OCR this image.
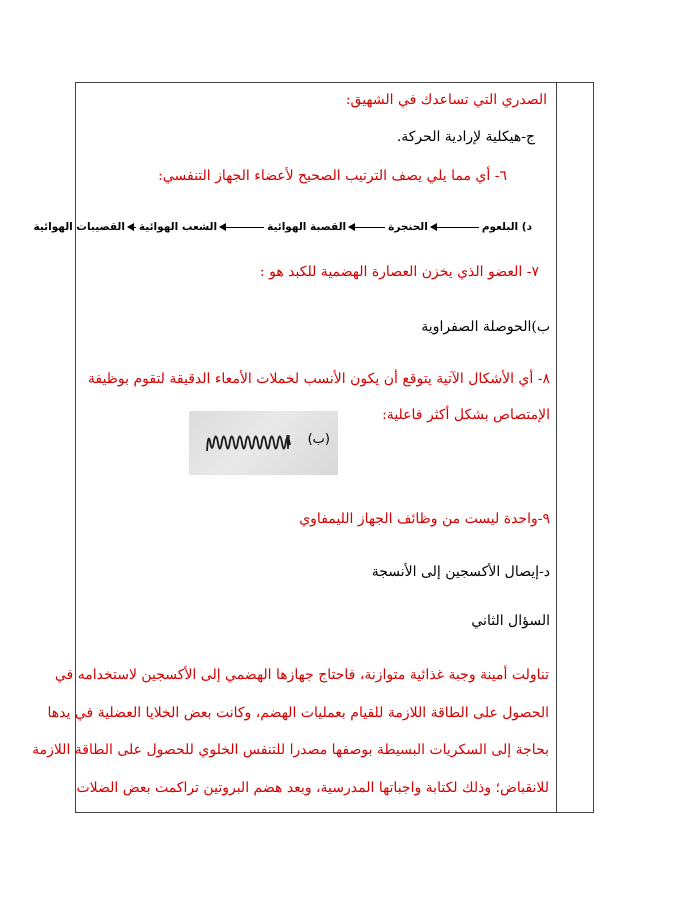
الصدري التي تساعدك في الشهيق:
ج-هيكلية لإرادية الحركة.
٦- أي مما يلي يصف الترتيب الصحيح لأعضاء الجهاز التنفسي:
د) البلعوم
الحنجرة
القصبة الهوائية
الشعب الهوائية
القصيبات الهوائية
٧- العضو الذي يخزن العصارة الهضمية للكبد هو :
ب)الحوصلة الصفراوية
٨- أي الأشكال الآتية يتوقع أن يكون الأنسب لخملات الأمعاء الدقيقة لتقوم بوظيفة
الإمتصاص بشكل أكثر فاعلية:
(ب)
٩-واحدة ليست من وظائف الجهاز الليمفاوي
د-إيصال الأكسجين إلى الأنسجة
السؤال الثاني
تناولت أمينة وجبة غذائية متوازنة، فاحتاج جهازها الهضمي إلى الأكسجين لاستخدامه في
الحصول على الطاقة اللازمة للقيام بعمليات الهضم، وكانت بعض الخلايا العضلية في يدها
بحاجة إلى السكريات البسيطة بوصفها مصدرا للتنفس الخلوي للحصول على الطاقة اللازمة
للانقباض؛ وذلك لكتابة واجباتها المدرسية، وبعد هضم البروتين تراكمت بعض الضلات
